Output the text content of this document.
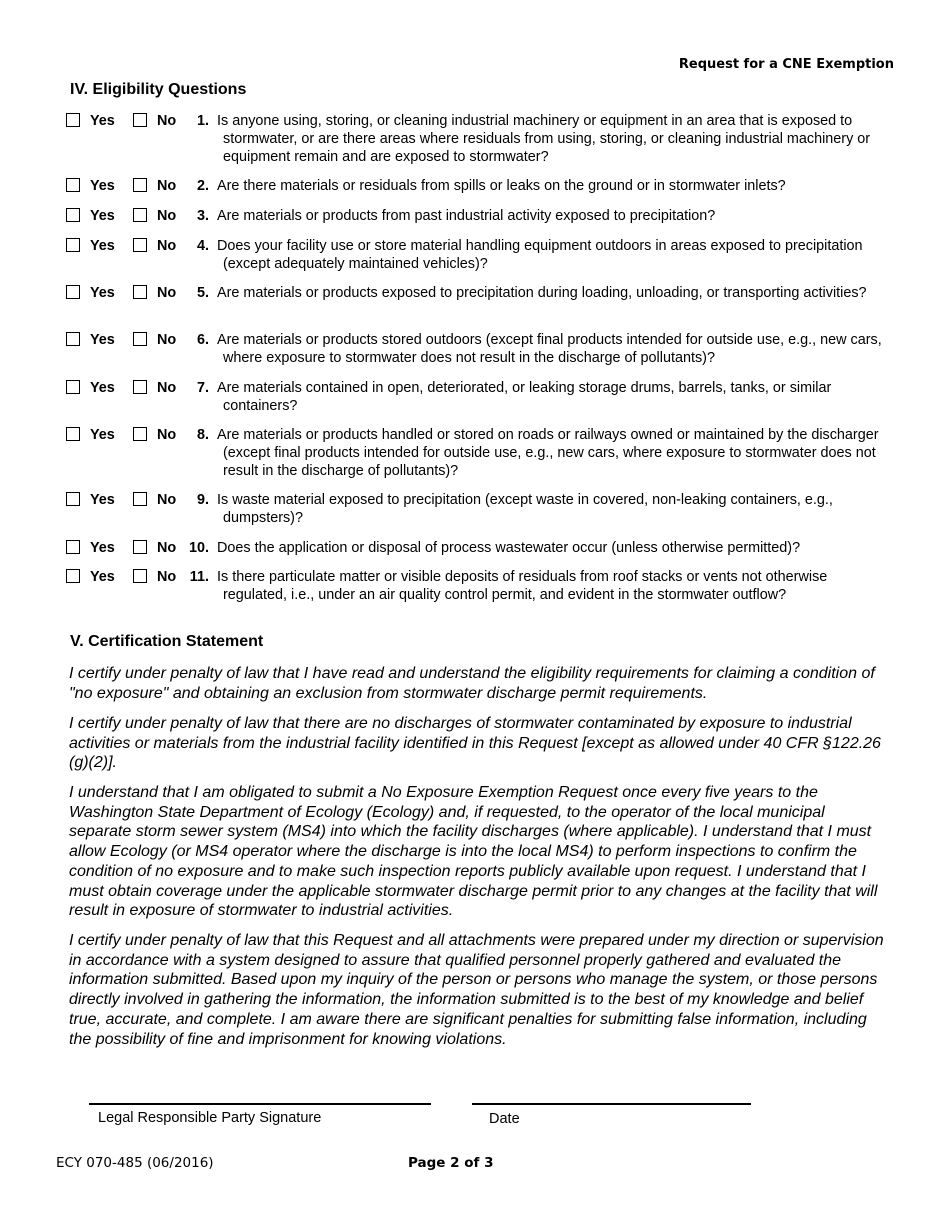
Request for a CNE Exemption
IV. Eligibility Questions
Yes	No	1. Is anyone using, storing, or cleaning industrial machinery or equipment in an area that is exposed to stormwater, or are there areas where residuals from using, storing, or cleaning industrial machinery or equipment remain and are exposed to stormwater?
Yes	No	2. Are there materials or residuals from spills or leaks on the ground or in stormwater inlets?
Yes	No	3. Are materials or products from past industrial activity exposed to precipitation?
Yes	No	4. Does your facility use or store material handling equipment outdoors in areas exposed to precipitation (except adequately maintained vehicles)?
Yes	No	5. Are materials or products exposed to precipitation during loading, unloading, or transporting activities?
Yes	No	6. Are materials or products stored outdoors (except final products intended for outside use, e.g., new cars, where exposure to stormwater does not result in the discharge of pollutants)?
Yes	No	7. Are materials contained in open, deteriorated, or leaking storage drums, barrels, tanks, or similar containers?
Yes	No	8. Are materials or products handled or stored on roads or railways owned or maintained by the discharger (except final products intended for outside use, e.g., new cars, where exposure to stormwater does not result in the discharge of pollutants)?
Yes	No	9. Is waste material exposed to precipitation (except waste in covered, non-leaking containers, e.g., dumpsters)?
Yes	No 10. Does the application or disposal of process wastewater occur (unless otherwise permitted)?
Yes	No 11. Is there particulate matter or visible deposits of residuals from roof stacks or vents not otherwise regulated, i.e., under an air quality control permit, and evident in the stormwater outflow?
V. Certification Statement
I certify under penalty of law that I have read and understand the eligibility requirements for claiming a condition of "no exposure" and obtaining an exclusion from stormwater discharge permit requirements.
I certify under penalty of law that there are no discharges of stormwater contaminated by exposure to industrial activities or materials from the industrial facility identified in this Request [except as allowed under 40 CFR §122.26 (g)(2)].
I understand that I am obligated to submit a No Exposure Exemption Request once every five years to the Washington State Department of Ecology (Ecology) and, if requested, to the operator of the local municipal separate storm sewer system (MS4) into which the facility discharges (where applicable). I understand that I must allow Ecology (or MS4 operator where the discharge is into the local MS4) to perform inspections to confirm the condition of no exposure and to make such inspection reports publicly available upon request. I understand that I must obtain coverage under the applicable stormwater discharge permit prior to any changes at the facility that will result in exposure of stormwater to industrial activities.
I certify under penalty of law that this Request and all attachments were prepared under my direction or supervision in accordance with a system designed to assure that qualified personnel properly gathered and evaluated the information submitted. Based upon my inquiry of the person or persons who manage the system, or those persons directly involved in gathering the information, the information submitted is to the best of my knowledge and belief true, accurate, and complete. I am aware there are significant penalties for submitting false information, including the possibility of fine and imprisonment for knowing violations.
Legal Responsible Party Signature	Date
ECY 070-485 (06/2016)	Page 2 of 3
